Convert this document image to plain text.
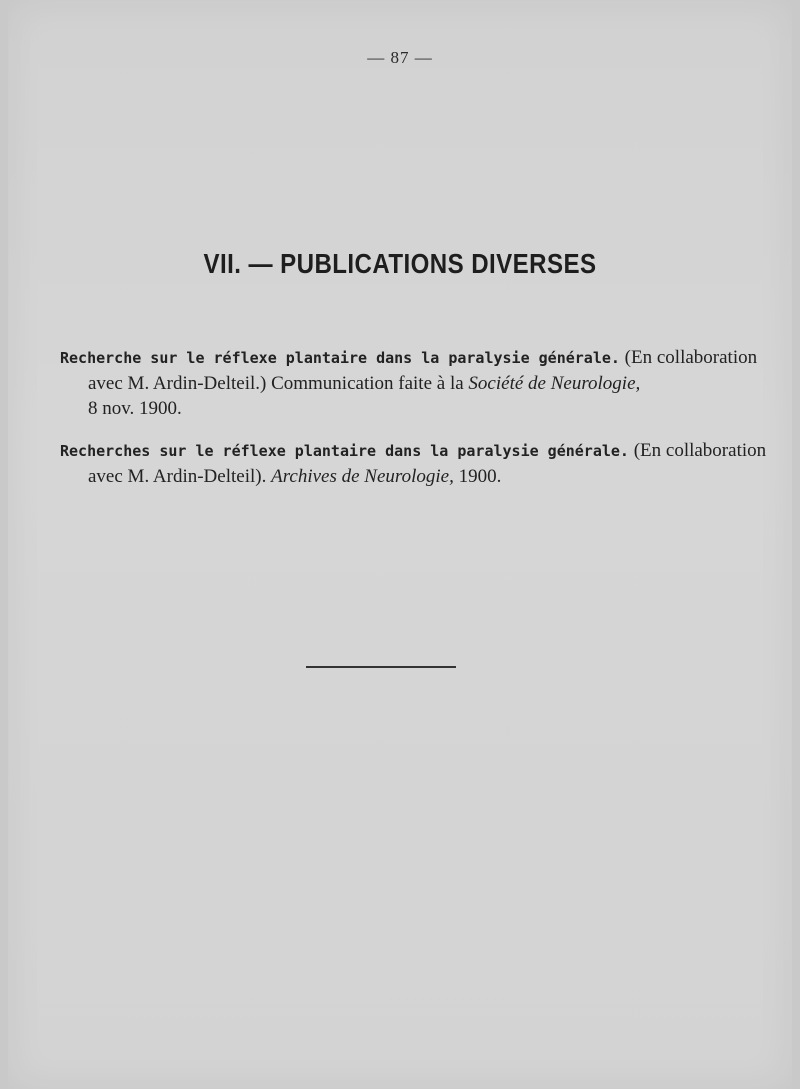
— 87 —
VII. — PUBLICATIONS DIVERSES
Recherche sur le réflexe plantaire dans la paralysie générale. (En collaboration
avec M. Ardin-Delteil.) Communication faite à la Société de Neurologie,
8 nov. 1900.
Recherches sur le réflexe plantaire dans la paralysie générale. (En collaboration
avec M. Ardin-Delteil). Archives de Neurologie, 1900.
